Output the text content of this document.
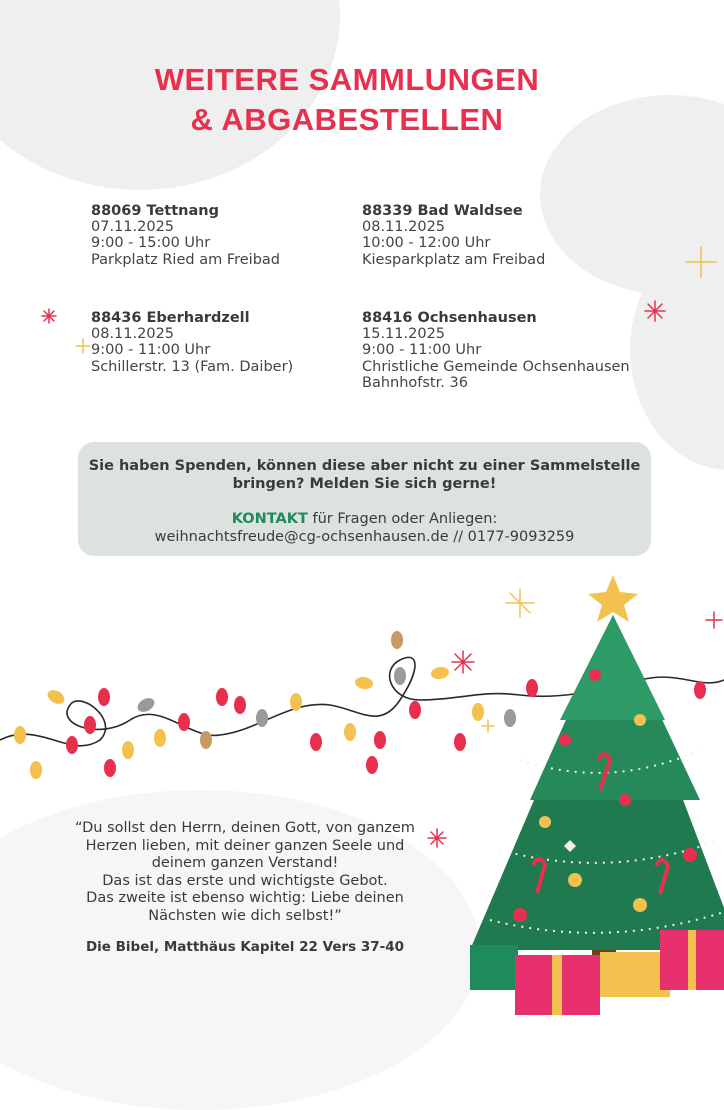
WEITERE SAMMLUNGEN
& ABGABESTELLEN
88069 Tettnang
07.11.2025
9:00 - 15:00 Uhr
Parkplatz Ried am Freibad
88339 Bad Waldsee
08.11.2025
10:00 - 12:00 Uhr
Kiesparkplatz am Freibad
88436 Eberhardzell
08.11.2025
9:00 - 11:00 Uhr
Schillerstr. 13 (Fam. Daiber)
88416 Ochsenhausen
15.11.2025
9:00 - 11:00 Uhr
Christliche Gemeinde Ochsenhausen
Bahnhofstr. 36
Sie haben Spenden, können diese aber nicht zu einer Sammelstelle
bringen? Melden Sie sich gerne!
KONTAKT für Fragen oder Anliegen:
weihnachtsfreude@cg-ochsenhausen.de // 0177-9093259
“Du sollst den Herrn, deinen Gott, von ganzem
Herzen lieben, mit deiner ganzen Seele und
deinem ganzen Verstand!
Das ist das erste und wichtigste Gebot.
Das zweite ist ebenso wichtig: Liebe deinen
Nächsten wie dich selbst!”
Die Bibel, Matthäus Kapitel 22 Vers 37-40
